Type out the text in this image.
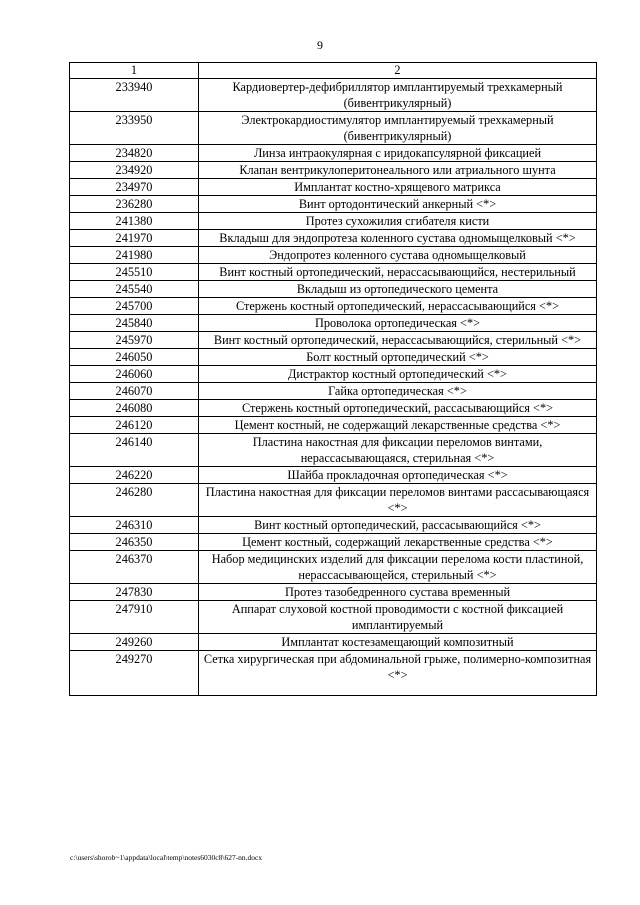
9
1	2
233940	Кардиовертер-дефибриллятор имплантируемый трехкамерный (бивентрикулярный)
233950	Электрокардиостимулятор имплантируемый трехкамерный (бивентрикулярный)
234820	Линза интраокулярная с иридокапсулярной фиксацией
234920	Клапан вентрикулоперитонеального или атриального шунта
234970	Имплантат костно-хрящевого матрикса
236280	Винт ортодонтический анкерный <*>
241380	Протез сухожилия сгибателя кисти
241970	Вкладыш для эндопротеза коленного сустава одномыщелковый <*>
241980	Эндопротез коленного сустава одномыщелковый
245510	Винт костный ортопедический, нерассасывающийся, нестерильный
245540	Вкладыш из ортопедического цемента
245700	Стержень костный ортопедический, нерассасывающийся <*>
245840	Проволока ортопедическая <*>
245970	Винт костный ортопедический, нерассасывающийся, стерильный <*>
246050	Болт костный ортопедический <*>
246060	Дистрактор костный ортопедический <*>
246070	Гайка ортопедическая <*>
246080	Стержень костный ортопедический, рассасывающийся <*>
246120	Цемент костный, не содержащий лекарственные средства <*>
246140	Пластина накостная для фиксации переломов винтами, нерассасывающаяся, стерильная <*>
246220	Шайба прокладочная ортопедическая <*>
246280	Пластина накостная для фиксации переломов винтами рассасывающаяся <*>
246310	Винт костный ортопедический, рассасывающийся <*>
246350	Цемент костный, содержащий лекарственные средства <*>
246370	Набор медицинских изделий для фиксации перелома кости пластиной, нерассасывающейся, стерильный <*>
247830	Протез тазобедренного сустава временный
247910	Аппарат слуховой костной проводимости с костной фиксацией имплантируемый
249260	Имплантат костезамещающий композитный
249270	Сетка хирургическая при абдоминальной грыже, полимерно-композитная <*>
c:\users\shorob~1\appdata\local\temp\notes6030c8\627-nn.docx
